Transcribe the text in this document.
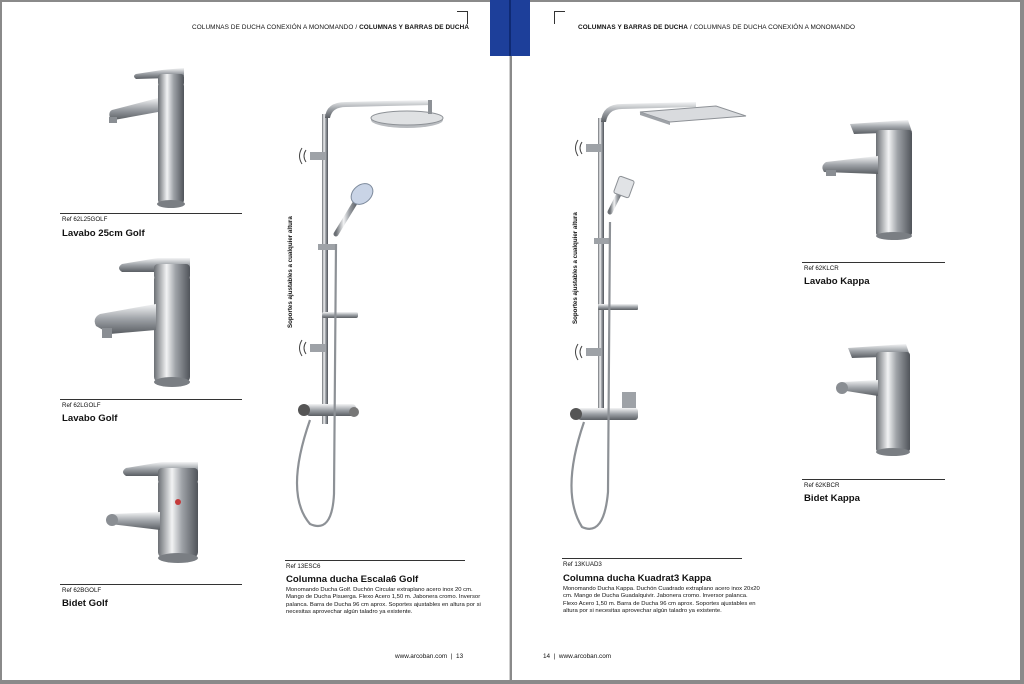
COLUMNAS DE DUCHA CONEXIÓN A MONOMANDO / COLUMNAS Y BARRAS DE DUCHA
Ref 62L25GOLF
Lavabo 25cm Golf
Ref 62LGOLF
Lavabo Golf
Ref 62BGOLF
Bidet Golf
Soportes ajustables a cualquier altura
Ref 13ESC6
Columna ducha Escala6 Golf
Monomando Ducha Golf. Duchón Circular extraplano acero inox 20 cm. Mango de Ducha Pisuerga. Flexo Acero 1,50 m. Jabonera cromo. Inversor palanca. Barra de Ducha 96 cm aprox. Soportes ajustables en altura por si necesitas aprovechar algún taladro ya existente.
www.arcoban.com | 13
COLUMNAS Y BARRAS DE DUCHA / COLUMNAS DE DUCHA CONEXIÓN A MONOMANDO
Soportes ajustables a cualquier altura
Ref 13KUAD3
Columna ducha Kuadrat3 Kappa
Monomando Ducha Kappa. Duchón Cuadrado extraplano acero inox 20x20 cm. Mango de Ducha Guadalquivir. Jabonera cromo. Inversor palanca. Flexo Acero 1,50 m. Barra de Ducha 96 cm aprox. Soportes ajustables en altura por si necesitas aprovechar algún taladro ya existente.
Ref 62KLCR
Lavabo Kappa
Ref 62KBCR
Bidet Kappa
14 | www.arcoban.com
